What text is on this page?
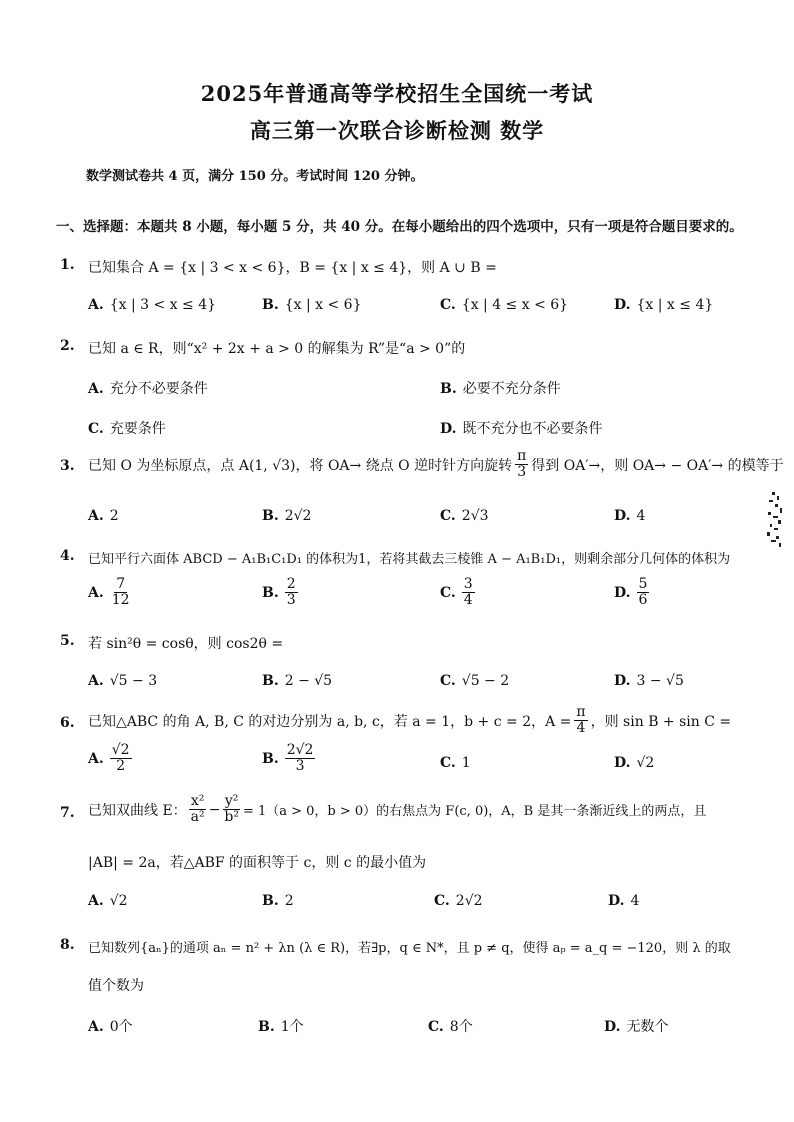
2025年普通高等学校招生全国统一考试
高三第一次联合诊断检测 数学
数学测试卷共 4 页，满分 150 分。考试时间 120 分钟。
一、选择题：本题共 8 小题，每小题 5 分，共 40 分。在每小题给出的四个选项中，只有一项是符合题目要求的。
1. 已知集合 A = {x | 3 < x < 6}，B = {x | x ≤ 4}，则 A ∪ B =
A. {x | 3 < x ≤ 4}	B. {x | x < 6}	C. {x | 4 ≤ x < 6}	D. {x | x ≤ 4}
2. 已知 a ∈ R，则“x² + 2x + a > 0 的解集为 R”是“a > 0”的
A. 充分不必要条件	B. 必要不充分条件
C. 充要条件	D. 既不充分也不必要条件
3. 已知 O 为坐标原点，点 A(1, √3)，将 OA→ 绕点 O 逆时针方向旋转 $\frac{\pi}{3}$ 得到 OA′→，则 OA→ − OA′→ 的模等于
A. 2	B. 2√2	C. 2√3	D. 4
4. 已知平行六面体 ABCD − A₁B₁C₁D₁ 的体积为1，若将其截去三棱锥 A − A₁B₁D₁，则剩余部分几何体的体积为
A. $\frac{7}{12}$	B. $\frac{2}{3}$	C. $\frac{3}{4}$	D. $\frac{5}{6}$
5. 若 sin²θ = cosθ，则 cos2θ =
A. √5 − 3	B. 2 − √5	C. √5 − 2	D. 3 − √5
6. 已知△ABC 的角 A, B, C 的对边分别为 a, b, c，若 a = 1，b + c = 2，$A = \frac{\pi}{4}$ ，则 sin B + sin C =
A. $\frac{√2}{2}$	B. $\frac{2√2}{3}$	C. 1	D. √2
7. 已知双曲线 E： $\frac{\text{x²}}{\text{a²}} - \frac{\text{y²}}{\text{b²}} = 1(a > 0$，b > 0）的右焦点为 F(c, 0)，A，B 是其一条渐近线上的两点，且
|AB| = 2a，若△ABF 的面积等于 c，则 c 的最小值为
A. √2	B. 2	C. 2√2	D. 4
8. 已知数列{aₙ}的通项 aₙ = n² + λn (λ ∈ R)，若∃p，q ∈ N*，且 p ≠ q，使得 aₚ = a_q = −120，则 λ 的取
值个数为
A. 0个	B. 1个	C. 8个	D. 无数个
